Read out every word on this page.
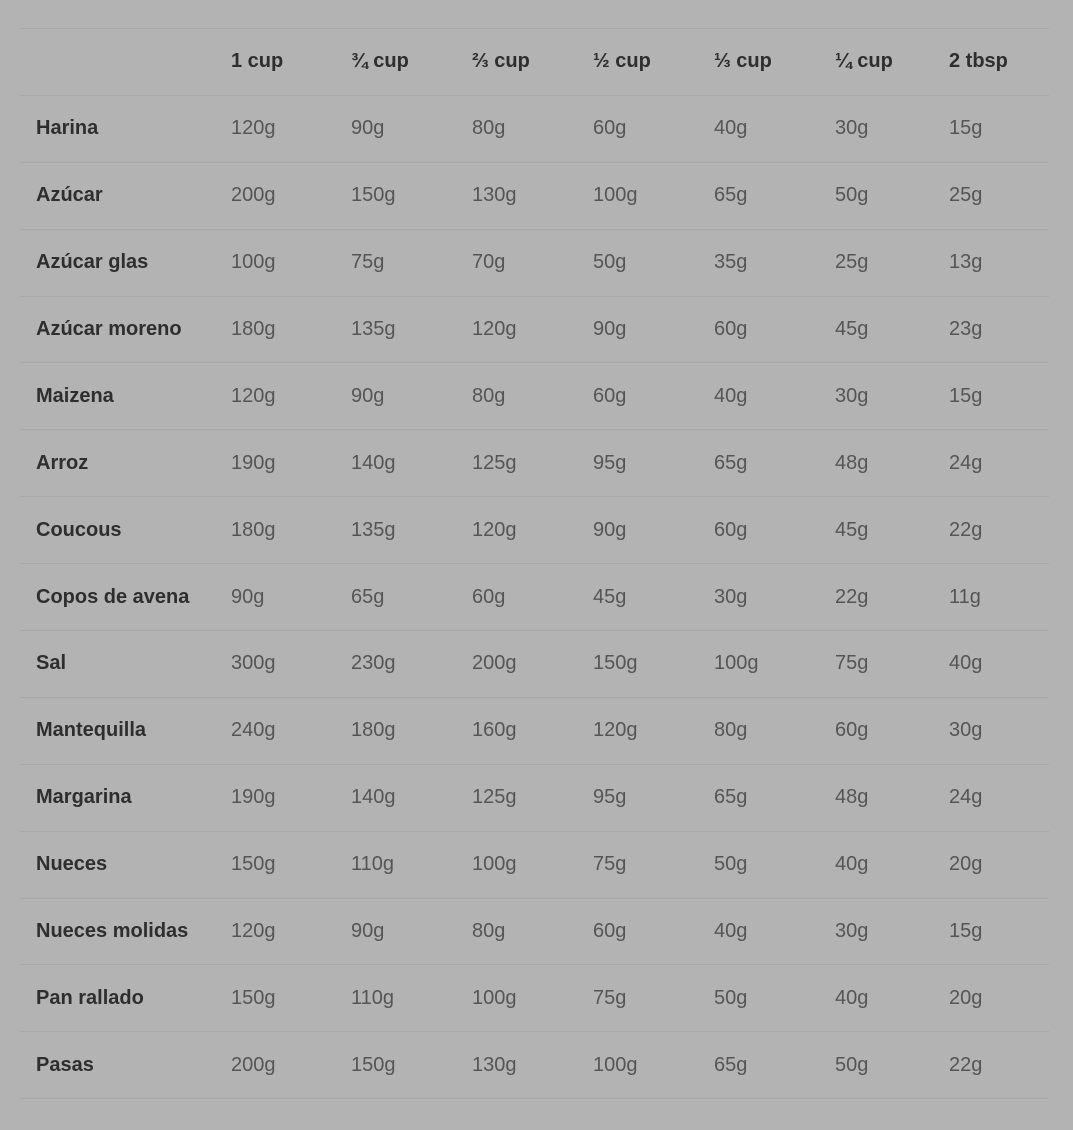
	1 cup	¾ cup	⅔ cup	½ cup	⅓ cup	¼ cup	2 tbsp
Harina	120g	90g	80g	60g	40g	30g	15g
Azúcar	200g	150g	130g	100g	65g	50g	25g
Azúcar glas	100g	75g	70g	50g	35g	25g	13g
Azúcar moreno	180g	135g	120g	90g	60g	45g	23g
Maizena	120g	90g	80g	60g	40g	30g	15g
Arroz	190g	140g	125g	95g	65g	48g	24g
Coucous	180g	135g	120g	90g	60g	45g	22g
Copos de avena	90g	65g	60g	45g	30g	22g	11g
Sal	300g	230g	200g	150g	100g	75g	40g
Mantequilla	240g	180g	160g	120g	80g	60g	30g
Margarina	190g	140g	125g	95g	65g	48g	24g
Nueces	150g	110g	100g	75g	50g	40g	20g
Nueces molidas	120g	90g	80g	60g	40g	30g	15g
Pan rallado	150g	110g	100g	75g	50g	40g	20g
Pasas	200g	150g	130g	100g	65g	50g	22g
